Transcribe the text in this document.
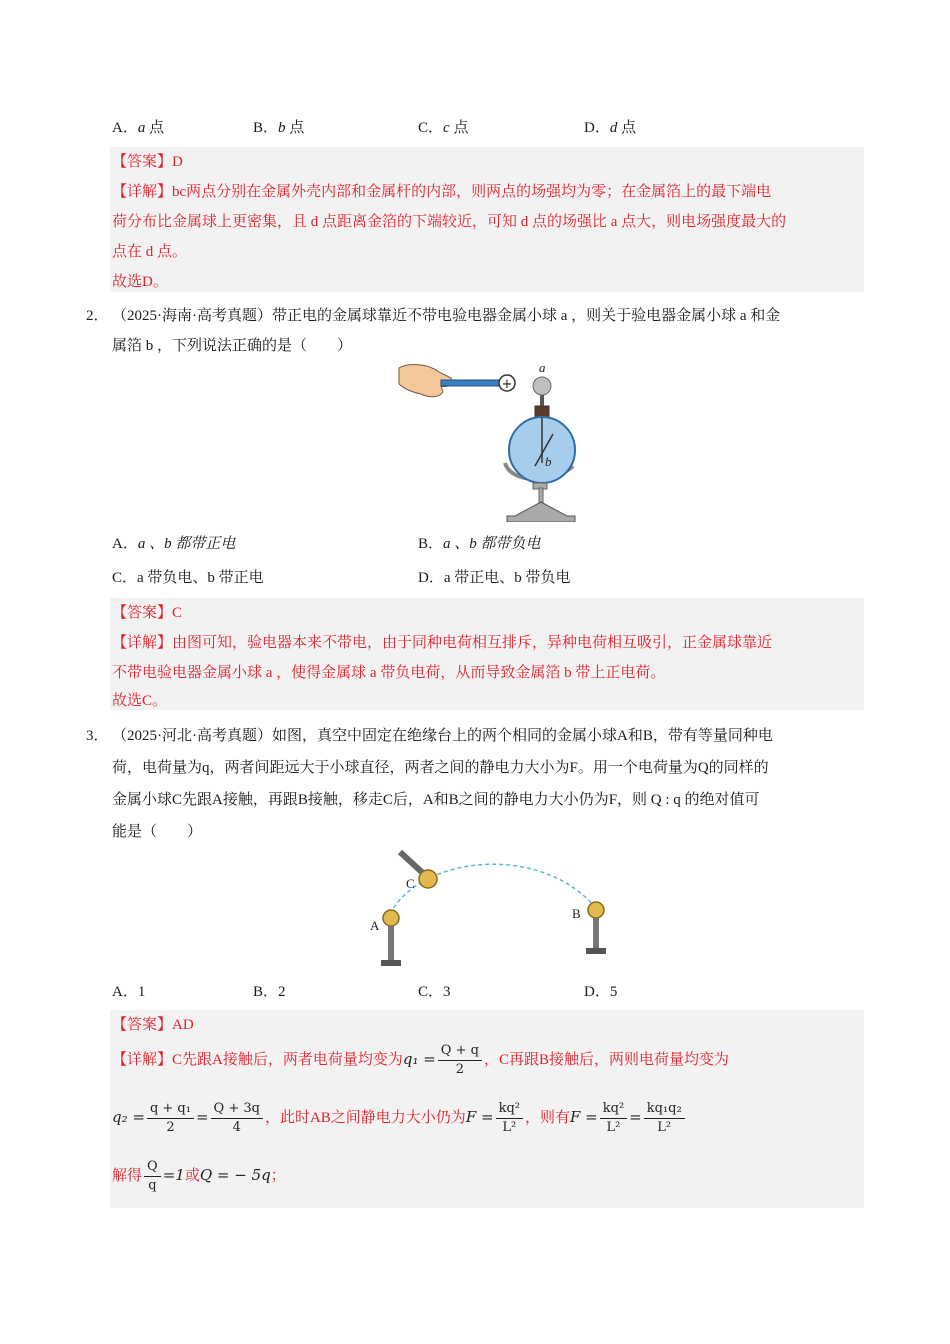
A．a 点	B．b 点	C．c 点	D．d 点
【答案】D
【详解】bc两点分别在金属外壳内部和金属杆的内部，则两点的场强均为零；在金属箔上的最下端电
荷分布比金属球上更密集，且 d 点距离金箔的下端较近，可知 d 点的场强比 a 点大，则电场强度最大的
点在 d 点。
故选D。
2． （2025·海南·高考真题）带正电的金属球靠近不带电验电器金属小球 a ，则关于验电器金属小球 a 和金
属箔 b ，下列说法正确的是（　　）
+
a
b
A．a 、b 都带正电	B．a 、b 都带负电
C．a 带负电、b 带正电	D．a 带正电、b 带负电
【答案】C
【详解】由图可知，验电器本来不带电，由于同种电荷相互排斥，异种电荷相互吸引，正金属球靠近
不带电验电器金属小球 a ，使得金属球 a 带负电荷，从而导致金属箔 b 带上正电荷。
故选C。
3． （2025·河北·高考真题）如图，真空中固定在绝缘台上的两个相同的金属小球A和B，带有等量同种电
荷，电荷量为q，两者间距远大于小球直径，两者之间的静电力大小为F。用一个电荷量为Q的同样的
金属小球C先跟A接触，再跟B接触，移走C后，A和B之间的静电力大小仍为F，则 Q : q 的绝对值可
能是（　　）
C
A
B
A．1	B．2	C．3	D．5
【答案】AD
【详解】C先跟A接触后，两者电荷量均变为$q_1 = \frac{Q + q}{2}$ ，C再跟B接触后，两则电荷量均变为
$q_2 = \frac{\text{q + q₁}}{2} = \frac{Q + 3q}{4}$ ，此时AB之间静电力大小仍为$F = \frac{\text{kq²}}{\text{L²}}$ ，则有$F = \frac{\text{kq²}}{\text{L²}} = \frac{\text{kq₁q₂}}{\text{L²}}$
解得 $\frac{Q}{q} =1$或Q = − 5q；
